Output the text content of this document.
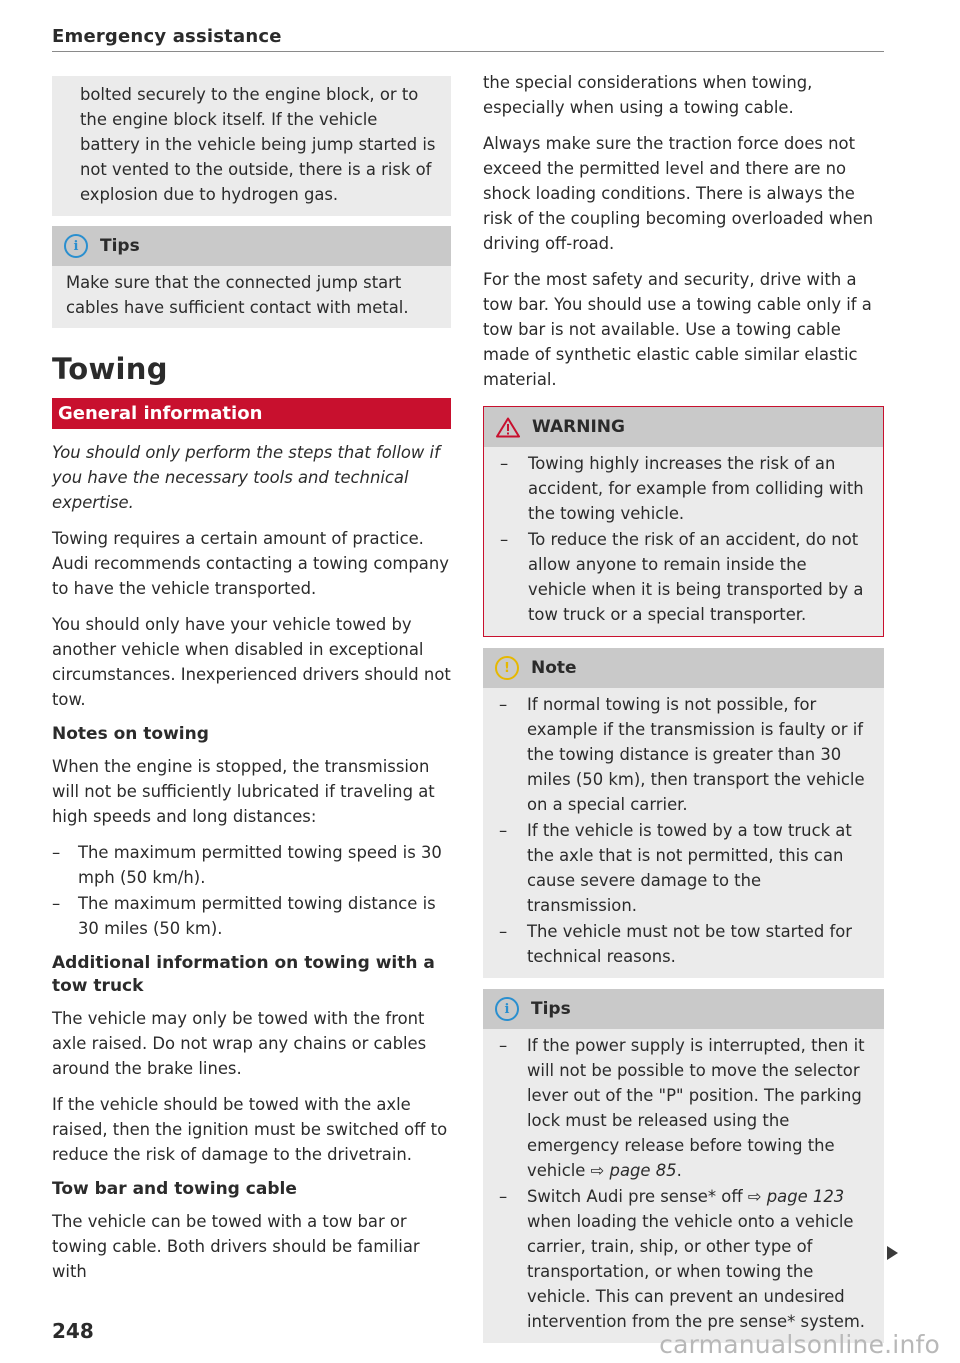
Emergency assistance

bolted securely to the engine block, or to the engine block itself. If the vehicle battery in the vehicle being jump started is not vented to the outside, there is a risk of explosion due to hydrogen gas.

i	Tips

Make sure that the connected jump start cables have sufficient contact with metal.

Towing
General information

You should only perform the steps that follow if you have the necessary tools and technical expertise.

Towing requires a certain amount of practice. Audi recommends contacting a towing company to have the vehicle transported.

You should only have your vehicle towed by another vehicle when disabled in exceptional circumstances. Inexperienced drivers should not tow.

Notes on towing

When the engine is stopped, the transmission will not be sufficiently lubricated if traveling at high speeds and long distances:

– The maximum permitted towing speed is 30 mph (50 km/h).
– The maximum permitted towing distance is 30 miles (50 km).
Additional information on towing with a tow truck

The vehicle may only be towed with the front axle raised. Do not wrap any chains or cables around the brake lines.

If the vehicle should be towed with the axle raised, then the ignition must be switched off to reduce the risk of damage to the drivetrain.

Tow bar and towing cable

The vehicle can be towed with a tow bar or towing cable. Both drivers should be familiar with

the special considerations when towing, especially when using a towing cable.

Always make sure the traction force does not exceed the permitted level and there are no shock loading conditions. There is always the risk of the coupling becoming overloaded when driving off-road.

For the most safety and security, drive with a tow bar. You should use a towing cable only if a tow bar is not available. Use a towing cable made of synthetic elastic cable similar elastic material.

WARNING
– Towing highly increases the risk of an accident, for example from colliding with the towing vehicle.
– To reduce the risk of an accident, do not allow anyone to remain inside the vehicle when it is being transported by a tow truck or a special transporter.
!	Note
– If normal towing is not possible, for example if the transmission is faulty or if the towing distance is greater than 30 miles (50 km), then transport the vehicle on a special carrier.
– If the vehicle is towed by a tow truck at the axle that is not permitted, this can cause severe damage to the transmission.
– The vehicle must not be tow started for technical reasons.
i	Tips
– If the power supply is interrupted, then it will not be possible to move the selector lever out of the "P" position. The parking lock must be released using the emergency release before towing the vehicle ⇨ page 85.
– Switch Audi pre sense* off ⇨ page 123 when loading the vehicle onto a vehicle carrier, train, ship, or other type of transportation, or when towing the vehicle. This can prevent an undesired intervention from the pre sense* system.
248	carmanualsonline.info
